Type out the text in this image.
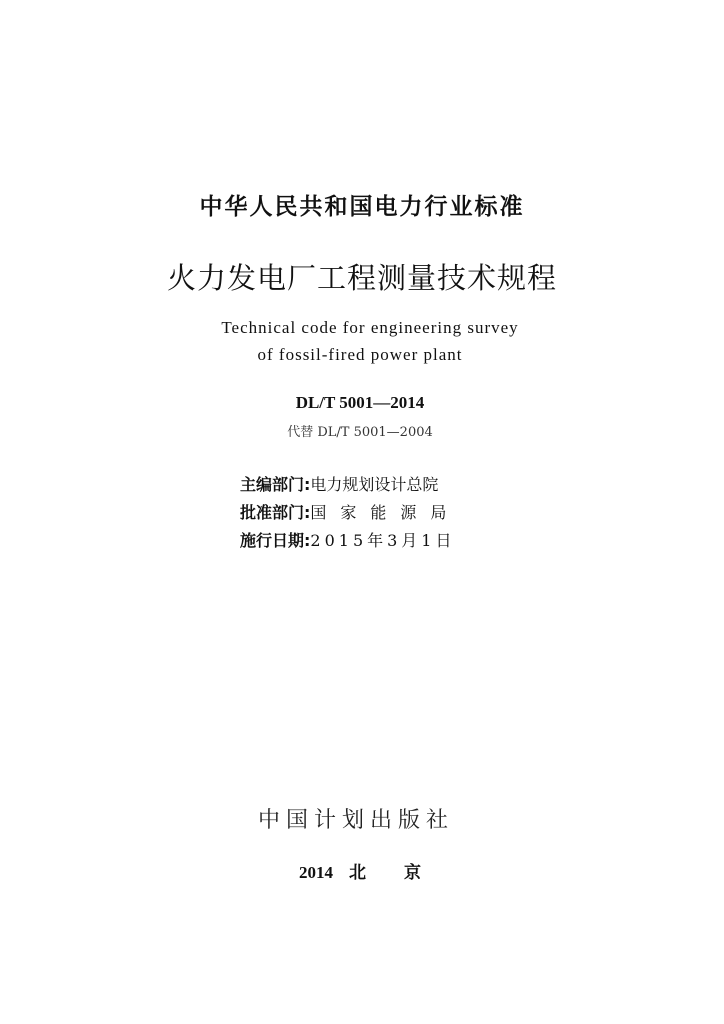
中华人民共和国电力行业标准
火力发电厂工程测量技术规程
Technical code for engineering survey
of fossil-fired power plant
DL/T 5001—2014
代替 DL/T 5001—2004
主编部门:电力规划设计总院
批准部门:国家能源局
施行日期:2015年3月1日
中国计划出版社
2014 北 京
